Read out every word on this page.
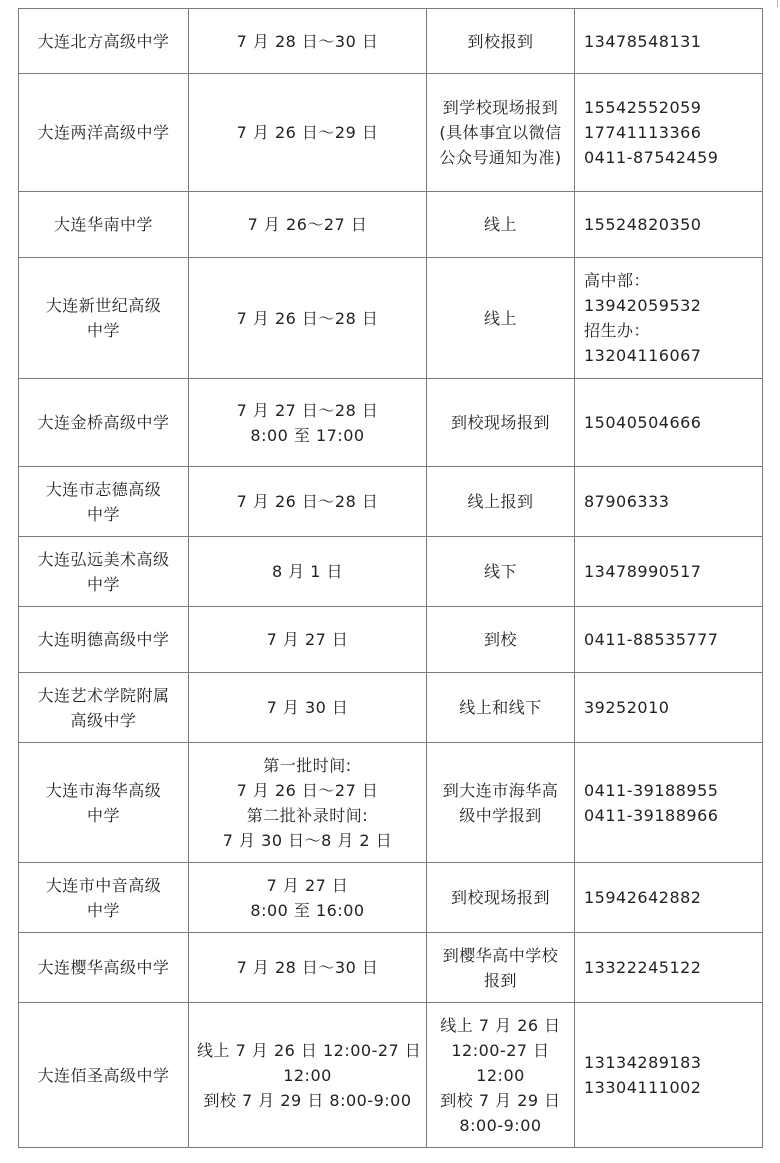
大连北方高级中学	7 月 28 日～30 日	到校报到	13478548131

大连两洋高级中学	7 月 26 日～29 日	到学校现场报到
(具体事宜以微信
公众号通知为准)	15542552059
17741113366
0411-87542459

大连华南中学	7 月 26～27 日	线上	15524820350

大连新世纪高级
中学	7 月 26 日～28 日	线上	高中部：
13942059532
招生办：
13204116067

大连金桥高级中学	7 月 27 日～28 日
8:00 至 17:00	到校现场报到	15040504666

大连市志德高级
中学	7 月 26 日～28 日	线上报到	87906333

大连弘远美术高级
中学	8 月 1 日	线下	13478990517

大连明德高级中学	7 月 27 日	到校	0411-88535777

大连艺术学院附属
高级中学	7 月 30 日	线上和线下	39252010

大连市海华高级
中学	第一批时间:
7 月 26 日～27 日
第二批补录时间:
7 月 30 日～8 月 2 日	到大连市海华高
级中学报到	0411-39188955
0411-39188966

大连市中音高级
中学	7 月 27 日
8:00 至 16:00	到校现场报到	15942642882

大连樱华高级中学	7 月 28 日～30 日	到樱华高中学校
报到	13322245122

大连佰圣高级中学	线上 7 月 26 日 12:00-27 日
12:00
到校 7 月 29 日 8:00-9:00	线上 7 月 26 日
12:00-27 日
12:00
到校 7 月 29 日
8:00-9:00	13134289183
13304111002
